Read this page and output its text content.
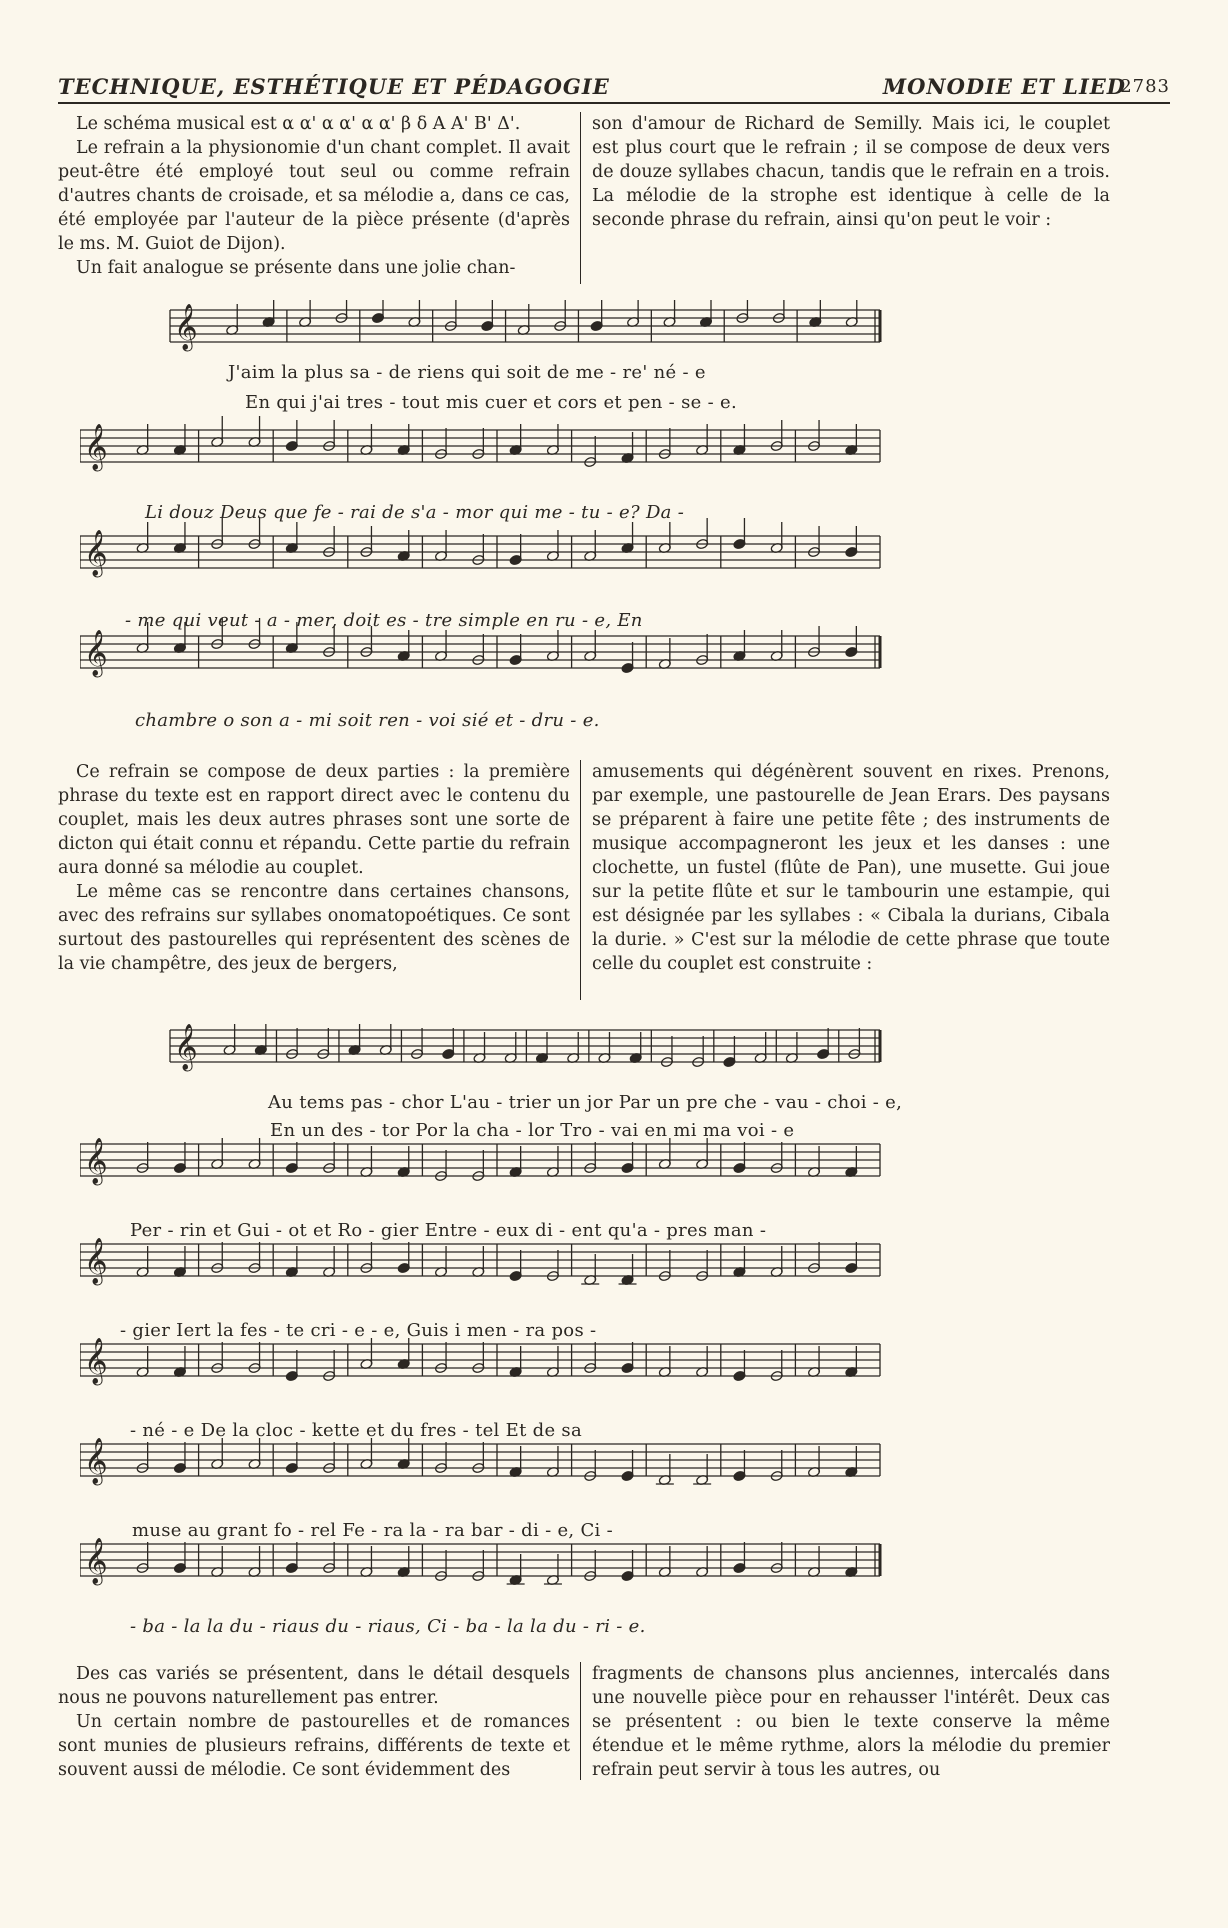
TECHNIQUE, ESTHÉTIQUE ET PÉDAGOGIE	MONODIE ET LIED
2783

Le schéma musical est α α' α α' α α' β δ A A' B' Δ'.

Le refrain a la physionomie d'un chant complet. Il avait peut-être été employé tout seul ou comme refrain d'autres chants de croisade, et sa mélodie a, dans ce cas, été employée par l'auteur de la pièce présente (d'après le ms. M. Guiot de Dijon).

Un fait analogue se présente dans une jolie chan-

son d'amour de Richard de Semilly. Mais ici, le couplet est plus court que le refrain ; il se compose de deux vers de douze syllabes chacun, tandis que le refrain en a trois. La mélodie de la strophe est identique à celle de la seconde phrase du refrain, ainsi qu'on peut le voir :

𝄞
𝄞
𝄞
𝄞
J'aim la plus sa - de riens qui soit de me - re' né - e
En qui j'ai tres - tout mis cuer et cors et pen - se - e.
Li douz Deus que fe - rai de s'a - mor qui me - tu - e? Da -
- me qui veut - a - mer, doit es - tre simple en ru - e, En
chambre o son a - mi soit ren - voi sié et - dru - e.

Ce refrain se compose de deux parties : la première phrase du texte est en rapport direct avec le contenu du couplet, mais les deux autres phrases sont une sorte de dicton qui était connu et répandu. Cette partie du refrain aura donné sa mélodie au couplet.

Le même cas se rencontre dans certaines chansons, avec des refrains sur syllabes onomatopoétiques. Ce sont surtout des pastourelles qui représentent des scènes de la vie champêtre, des jeux de bergers,

amusements qui dégénèrent souvent en rixes. Prenons, par exemple, une pastourelle de Jean Erars. Des paysans se préparent à faire une petite fête ; des instruments de musique accompagneront les jeux et les danses : une clochette, un fustel (flûte de Pan), une musette. Gui joue sur la petite flûte et sur le tambourin une estampie, qui est désignée par les syllabes : « Cibala la durians, Cibala la durie. » C'est sur la mélodie de cette phrase que toute celle du couplet est construite :

𝄞
𝄞
𝄞
𝄞
𝄞
𝄞
Au tems pas - chor L'au - trier un jor Par un pre che - vau - choi - e,
En un des - tor Por la cha - lor Tro - vai en mi ma voi - e
Per - rin et Gui - ot et Ro - gier Entre - eux di - ent qu'a - pres man -
- gier Iert la fes - te cri - e - e, Guis i men - ra pos -
- né - e De la cloc - kette et du fres - tel Et de sa
muse au grant fo - rel Fe - ra la - ra bar - di - e, Ci -
- ba - la la du - riaus du - riaus, Ci - ba - la la du - ri - e.

Des cas variés se présentent, dans le détail desquels nous ne pouvons naturellement pas entrer.

Un certain nombre de pastourelles et de romances sont munies de plusieurs refrains, différents de texte et souvent aussi de mélodie. Ce sont évidemment des

fragments de chansons plus anciennes, intercalés dans une nouvelle pièce pour en rehausser l'intérêt. Deux cas se présentent : ou bien le texte conserve la même étendue et le même rythme, alors la mélodie du premier refrain peut servir à tous les autres, ou
